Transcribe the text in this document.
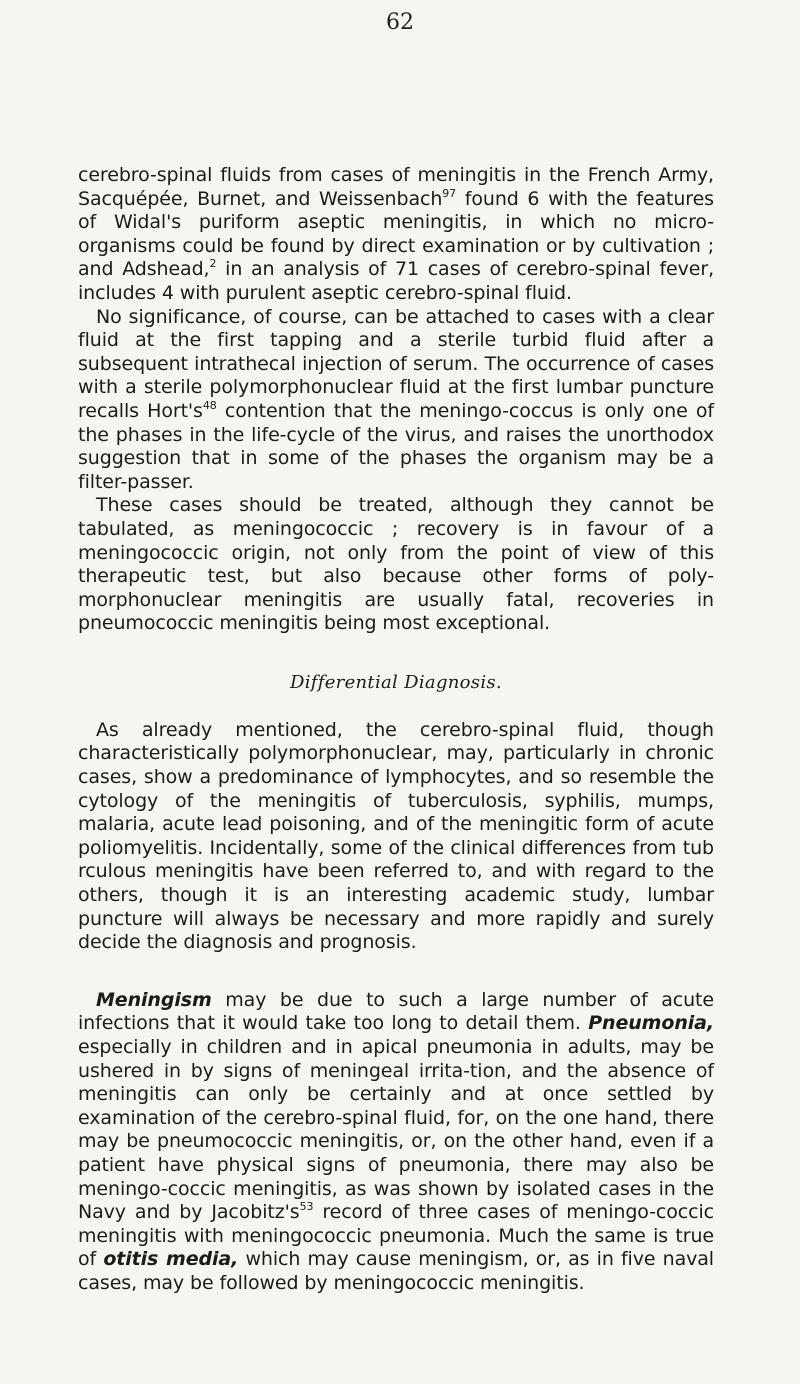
62

cerebro-spinal fluids from cases of meningitis in the French Army, Sacquépée, Burnet, and Weissenbach$^{97}$ found 6 with the features of Widal's puriform aseptic meningitis, in which no micro-organisms could be found by direct examination or by cultivation ; and Adshead,$^2$ in an analysis of 71 cases of cerebro-spinal fever, includes 4 with purulent aseptic cerebro-spinal fluid.

No significance, of course, can be attached to cases with a clear fluid at the first tapping and a sterile turbid fluid after a subsequent intrathecal injection of serum. The occurrence of cases with a sterile polymorphonuclear fluid at the first lumbar puncture recalls $Hort's^{48}$ contention that the meningo-coccus is only one of the phases in the life-cycle of the virus, and raises the unorthodox suggestion that in some of the phases the organism may be a filter-passer.

These cases should be treated, although they cannot be tabulated, as meningococcic ; recovery is in favour of a meningococcic origin, not only from the point of view of this therapeutic test, but also because other forms of poly-morphonuclear meningitis are usually fatal, recoveries in pneumococcic meningitis being most exceptional.

Differential Diagnosis.

As already mentioned, the cerebro-spinal fluid, though characteristically polymorphonuclear, may, particularly in chronic cases, show a predominance of lymphocytes, and so resemble the cytology of the meningitis of tuberculosis, syphilis, mumps, malaria, acute lead poisoning, and of the meningitic form of acute poliomyelitis. Incidentally, some of the clinical differences from tub rculous meningitis have been referred to, and with regard to the others, though it is an interesting academic study, lumbar puncture will always be necessary and more rapidly and surely decide the diagnosis and prognosis.

Meningism may be due to such a large number of acute infections that it would take too long to detail them. Pneumonia, especially in children and in apical pneumonia in adults, may be ushered in by signs of meningeal irrita-tion, and the absence of meningitis can only be certainly and at once settled by examination of the cerebro-spinal fluid, for, on the one hand, there may be pneumococcic meningitis, or, on the other hand, even if a patient have physical signs of pneumonia, there may also be meningo-coccic meningitis, as was shown by isolated cases in the Navy and by $Jacobitz's^{53}$ record of three cases of meningo-coccic meningitis with meningococcic pneumonia. Much the same is true of otitis media, which may cause meningism, or, as in five naval cases, may be followed by meningococcic meningitis.
